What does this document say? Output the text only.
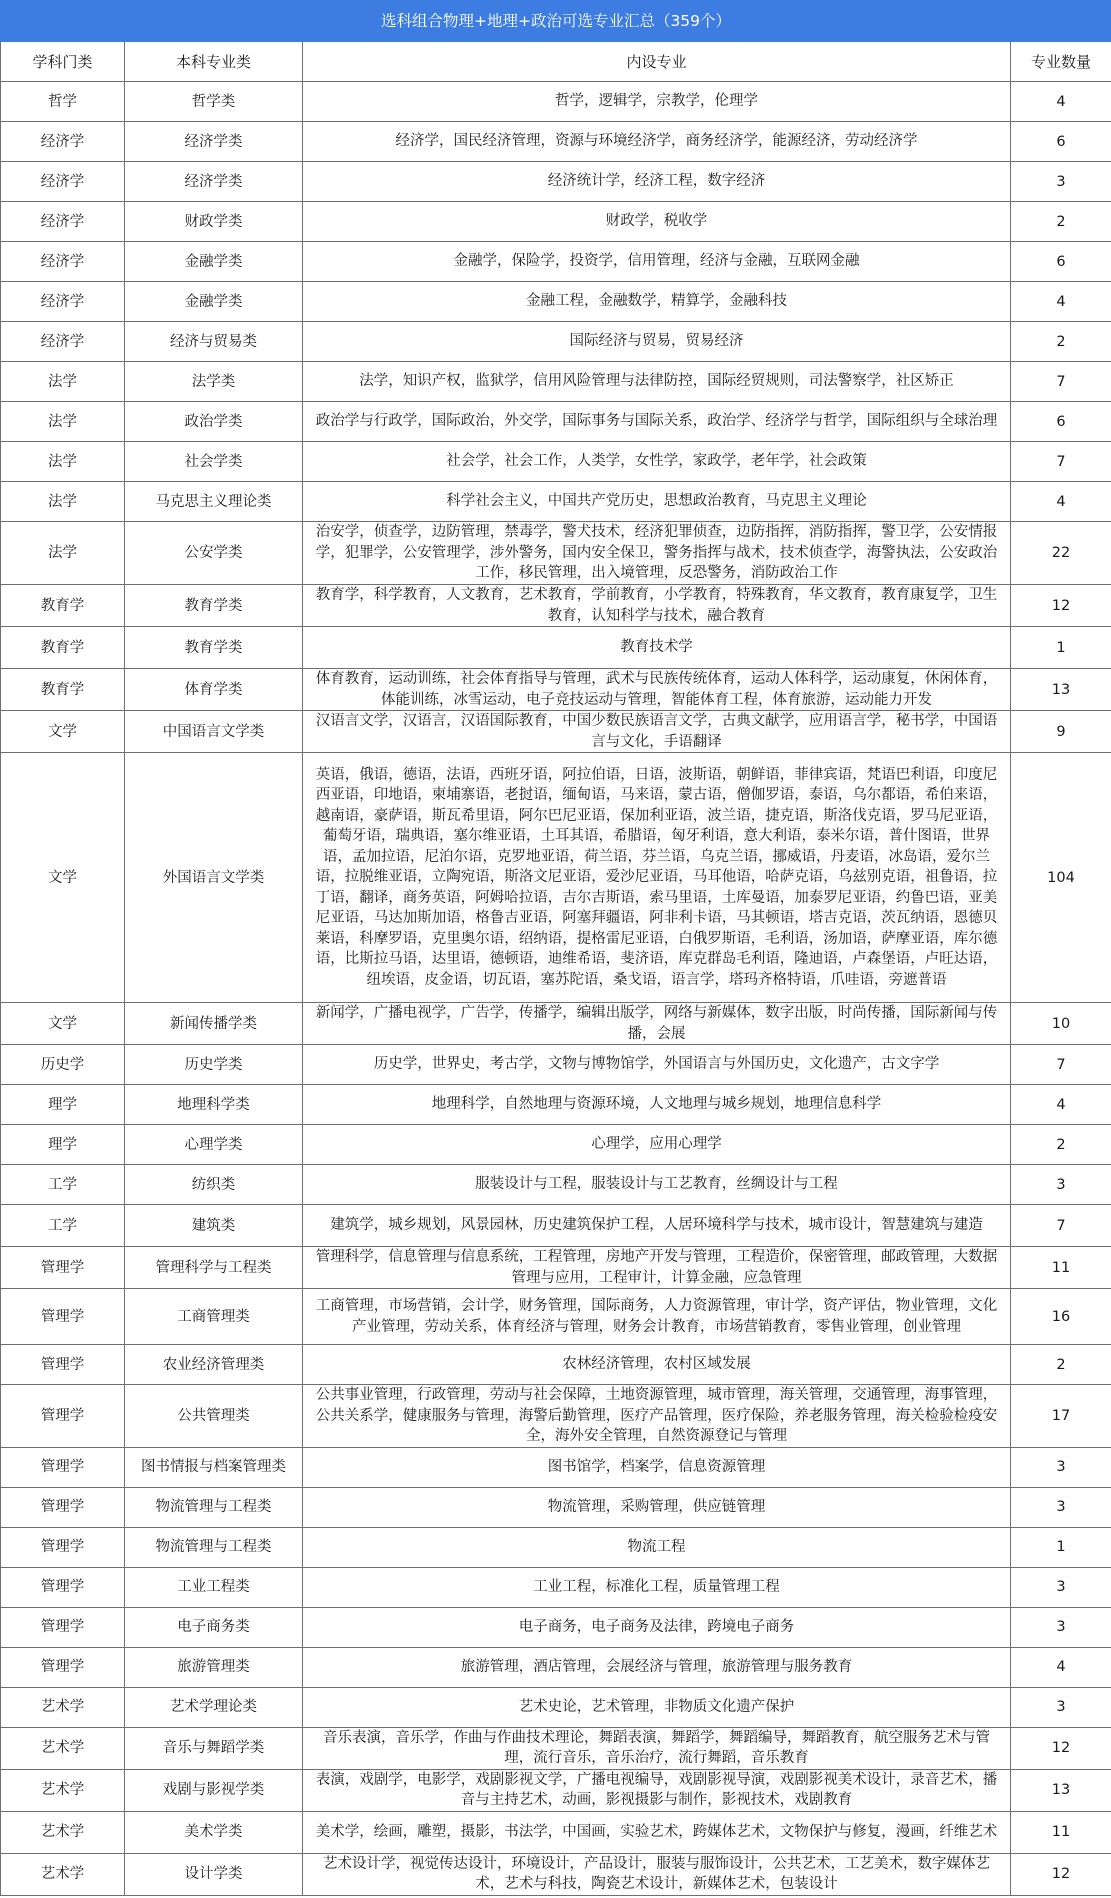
选科组合物理+地理+政治可选专业汇总（359个）			
学科门类	本科专业类	内设专业	专业数量
哲学	哲学类	哲学，逻辑学，宗教学，伦理学	4
经济学	经济学类	经济学，国民经济管理，资源与环境经济学，商务经济学，能源经济，劳动经济学	6
经济学	经济学类	经济统计学，经济工程，数字经济	3
经济学	财政学类	财政学，税收学	2
经济学	金融学类	金融学，保险学，投资学，信用管理，经济与金融，互联网金融	6
经济学	金融学类	金融工程，金融数学，精算学，金融科技	4
经济学	经济与贸易类	国际经济与贸易，贸易经济	2
法学	法学类	法学，知识产权，监狱学，信用风险管理与法律防控，国际经贸规则，司法警察学，社区矫正	7
法学	政治学类	政治学与行政学，国际政治，外交学，国际事务与国际关系，政治学、经济学与哲学，国际组织与全球治理	6
法学	社会学类	社会学，社会工作，人类学，女性学，家政学，老年学，社会政策	7
法学	马克思主义理论类	科学社会主义，中国共产党历史，思想政治教育，马克思主义理论	4
法学	公安学类	治安学，侦查学，边防管理，禁毒学，警犬技术，经济犯罪侦查，边防指挥，消防指挥，警卫学，公安情报学，犯罪学，公安管理学，涉外警务，国内安全保卫，警务指挥与战术，技术侦查学，海警执法，公安政治工作，移民管理，出入境管理，反恐警务，消防政治工作	22
教育学	教育学类	教育学，科学教育，人文教育，艺术教育，学前教育，小学教育，特殊教育，华文教育，教育康复学，卫生教育，认知科学与技术，融合教育	12
教育学	教育学类	教育技术学	1
教育学	体育学类	体育教育，运动训练，社会体育指导与管理，武术与民族传统体育，运动人体科学，运动康复，休闲体育，体能训练，冰雪运动，电子竞技运动与管理，智能体育工程，体育旅游，运动能力开发	13
文学	中国语言文学类	汉语言文学，汉语言，汉语国际教育，中国少数民族语言文学，古典文献学，应用语言学，秘书学，中国语言与文化，手语翻译	9
文学	外国语言文学类	英语，俄语，德语，法语，西班牙语，阿拉伯语，日语，波斯语，朝鲜语，菲律宾语，梵语巴利语，印度尼西亚语，印地语，柬埔寨语，老挝语，缅甸语，马来语，蒙古语，僧伽罗语，泰语，乌尔都语，希伯来语，越南语，豪萨语，斯瓦希里语，阿尔巴尼亚语，保加利亚语，波兰语，捷克语，斯洛伐克语，罗马尼亚语，葡萄牙语，瑞典语，塞尔维亚语，土耳其语，希腊语，匈牙利语，意大利语，泰米尔语，普什图语，世界语，孟加拉语，尼泊尔语，克罗地亚语，荷兰语，芬兰语，乌克兰语，挪威语，丹麦语，冰岛语，爱尔兰语，拉脱维亚语，立陶宛语，斯洛文尼亚语，爱沙尼亚语，马耳他语，哈萨克语，乌兹别克语，祖鲁语，拉丁语，翻译，商务英语，阿姆哈拉语，吉尔吉斯语，索马里语，土库曼语，加泰罗尼亚语，约鲁巴语，亚美尼亚语，马达加斯加语，格鲁吉亚语，阿塞拜疆语，阿非利卡语，马其顿语，塔吉克语，茨瓦纳语，恩德贝莱语，科摩罗语，克里奥尔语，绍纳语，提格雷尼亚语，白俄罗斯语，毛利语，汤加语，萨摩亚语，库尔德语，比斯拉马语，达里语，德顿语，迪维希语，斐济语，库克群岛毛利语，隆迪语，卢森堡语，卢旺达语，纽埃语，皮金语，切瓦语，塞苏陀语，桑戈语，语言学，塔玛齐格特语，爪哇语，旁遮普语	104
文学	新闻传播学类	新闻学，广播电视学，广告学，传播学，编辑出版学，网络与新媒体，数字出版，时尚传播，国际新闻与传播，会展	10
历史学	历史学类	历史学，世界史，考古学，文物与博物馆学，外国语言与外国历史，文化遗产，古文字学	7
理学	地理科学类	地理科学，自然地理与资源环境，人文地理与城乡规划，地理信息科学	4
理学	心理学类	心理学，应用心理学	2
工学	纺织类	服装设计与工程，服装设计与工艺教育，丝绸设计与工程	3
工学	建筑类	建筑学，城乡规划，风景园林，历史建筑保护工程，人居环境科学与技术，城市设计，智慧建筑与建造	7
管理学	管理科学与工程类	管理科学，信息管理与信息系统，工程管理，房地产开发与管理，工程造价，保密管理，邮政管理，大数据管理与应用，工程审计，计算金融，应急管理	11
管理学	工商管理类	工商管理，市场营销，会计学，财务管理，国际商务，人力资源管理，审计学，资产评估，物业管理，文化产业管理，劳动关系，体育经济与管理，财务会计教育，市场营销教育，零售业管理，创业管理	16
管理学	农业经济管理类	农林经济管理，农村区域发展	2
管理学	公共管理类	公共事业管理，行政管理，劳动与社会保障，土地资源管理，城市管理，海关管理，交通管理，海事管理，公共关系学，健康服务与管理，海警后勤管理，医疗产品管理，医疗保险，养老服务管理，海关检验检疫安全，海外安全管理，自然资源登记与管理	17
管理学	图书情报与档案管理类	图书馆学，档案学，信息资源管理	3
管理学	物流管理与工程类	物流管理，采购管理，供应链管理	3
管理学	物流管理与工程类	物流工程	1
管理学	工业工程类	工业工程，标准化工程，质量管理工程	3
管理学	电子商务类	电子商务，电子商务及法律，跨境电子商务	3
管理学	旅游管理类	旅游管理，酒店管理，会展经济与管理，旅游管理与服务教育	4
艺术学	艺术学理论类	艺术史论，艺术管理，非物质文化遗产保护	3
艺术学	音乐与舞蹈学类	音乐表演，音乐学，作曲与作曲技术理论，舞蹈表演，舞蹈学，舞蹈编导，舞蹈教育，航空服务艺术与管理，流行音乐，音乐治疗，流行舞蹈，音乐教育	12
艺术学	戏剧与影视学类	表演，戏剧学，电影学，戏剧影视文学，广播电视编导，戏剧影视导演，戏剧影视美术设计，录音艺术，播音与主持艺术，动画，影视摄影与制作，影视技术，戏剧教育	13
艺术学	美术学类	美术学，绘画，雕塑，摄影，书法学，中国画，实验艺术，跨媒体艺术，文物保护与修复，漫画，纤维艺术	11
艺术学	设计学类	艺术设计学，视觉传达设计，环境设计，产品设计，服装与服饰设计，公共艺术，工艺美术，数字媒体艺术，艺术与科技，陶瓷艺术设计，新媒体艺术，包装设计	12
